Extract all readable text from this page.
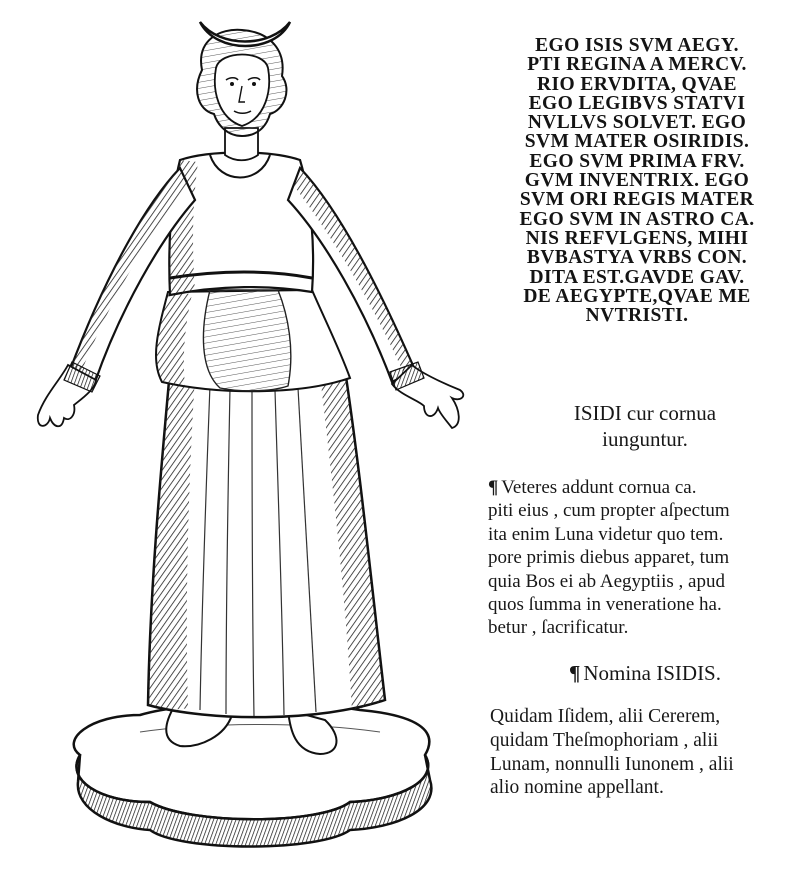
EGO ISIS SVM AEGY.
PTI REGINA A MERCV.
RIO ERVDITA, QVAE
EGO LEGIBVS STATVI
NVLLVS SOLVET. EGO
SVM MATER OSIRIDIS.
EGO SVM PRIMA FRV.
GVM INVENTRIX. EGO
SVM ORI REGIS MATER
EGO SVM IN ASTRO CA.
NIS REFVLGENS, MIHI
BVBASTYA VRBS CON.
DITA EST.GAVDE GAV.
DE AEGYPTE,QVAE ME
NVTRISTI.
ISIDI cur cornua
iunguntur.
¶ Veteres addunt cornua ca.
piti eius , cum propter aſpectum
ita enim Luna videtur quo tem.
pore primis diebus apparet, tum
quia Bos ei ab Aegyptiis , apud
quos ſumma in veneratione ha.
betur , ſacrificatur.
¶ Nomina ISIDIS.
Quidam Iſidem, alii Cererem,
quidam Theſmophoriam , alii
Lunam, nonnulli Iunonem , alii
alio nomine appellant.
